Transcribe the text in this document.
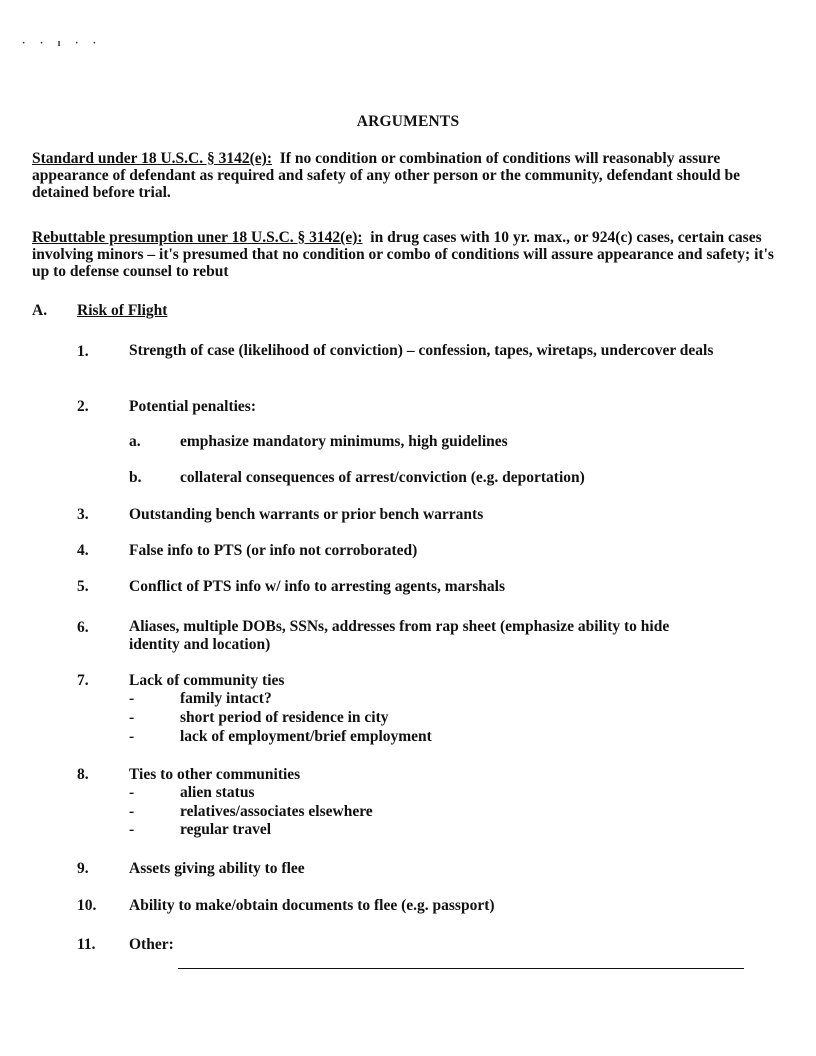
· · ı · ·
ARGUMENTS
Standard under 18 U.S.C. § 3142(e): If no condition or combination of conditions will reasonably assure appearance of defendant as required and safety of any other person or the community, defendant should be detained before trial.
Rebuttable presumption uner 18 U.S.C. § 3142(e): in drug cases with 10 yr. max., or 924(c) cases, certain cases involving minors – it's presumed that no condition or combo of conditions will assure appearance and safety; it's up to defense counsel to rebut
A. Risk of Flight
1.	Strength of case (likelihood of conviction) – confession, tapes, wiretaps, undercover deals
2.	Potential penalties:
a.	emphasize mandatory minimums, high guidelines
b. collateral consequences of arrest/conviction (e.g. deportation)
3.	Outstanding bench warrants or prior bench warrants
4.	False info to PTS (or info not corroborated)
5.	Conflict of PTS info w/ info to arresting agents, marshals
6.	Aliases, multiple DOBs, SSNs, addresses from rap sheet (emphasize ability to hide identity and location)
7.	Lack of community ties
-	family intact?
-	short period of residence in city
-	lack of employment/brief employment
8.	Ties to other communities
-	alien status
-	relatives/associates elsewhere
-	regular travel
9.	Assets giving ability to flee
10.	Ability to make/obtain documents to flee (e.g. passport)
11.	Other:
